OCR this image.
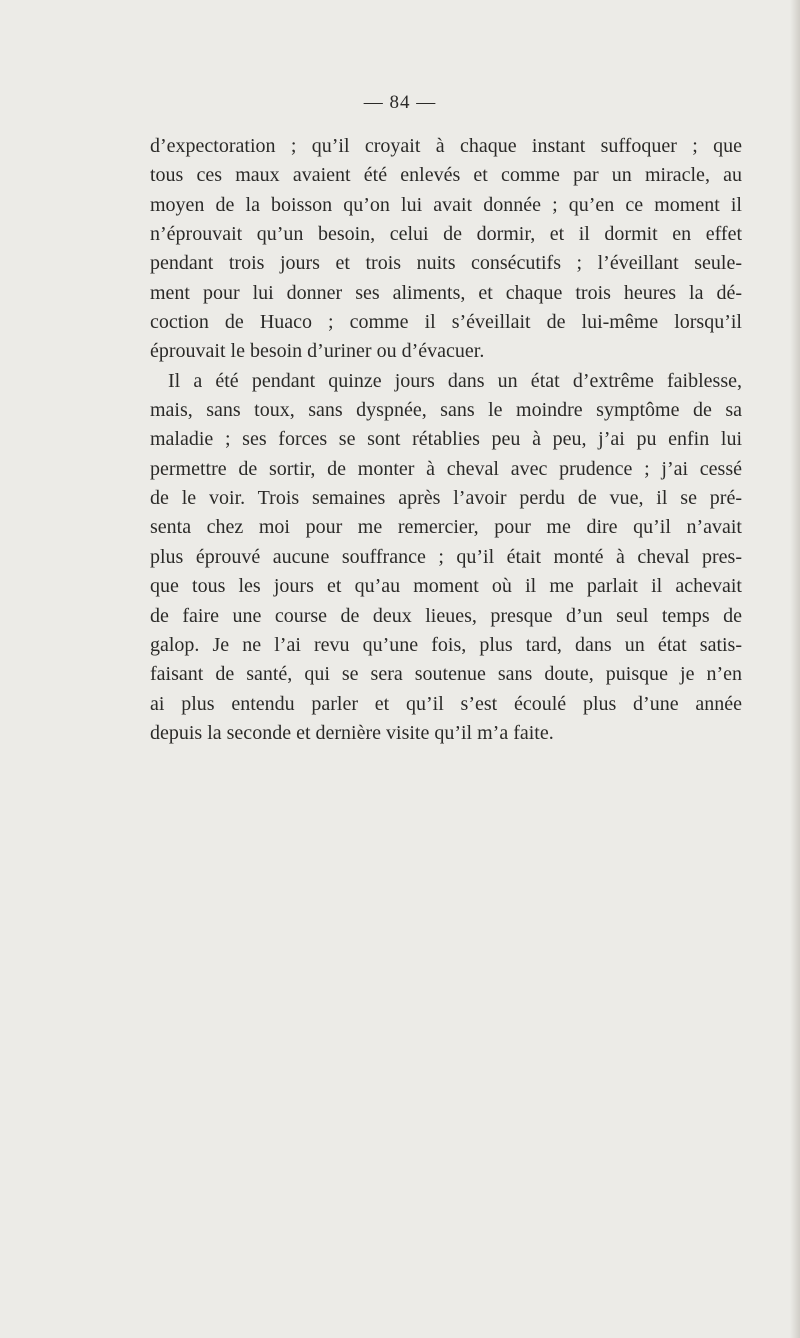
— 84 —
d’expectoration ; qu’il croyait à chaque instant suffoquer ; que
tous ces maux avaient été enlevés et comme par un miracle, au
moyen de la boisson qu’on lui avait donnée ; qu’en ce moment il
n’éprouvait qu’un besoin, celui de dormir, et il dormit en effet
pendant trois jours et trois nuits consécutifs ; l’éveillant seule-
ment pour lui donner ses aliments, et chaque trois heures la dé-
coction de Huaco ; comme il s’éveillait de lui-même lorsqu’il
éprouvait le besoin d’uriner ou d’évacuer.
Il a été pendant quinze jours dans un état d’extrême faiblesse,
mais, sans toux, sans dyspnée, sans le moindre symptôme de sa
maladie ; ses forces se sont rétablies peu à peu, j’ai pu enfin lui
permettre de sortir, de monter à cheval avec prudence ; j’ai cessé
de le voir. Trois semaines après l’avoir perdu de vue, il se pré-
senta chez moi pour me remercier, pour me dire qu’il n’avait
plus éprouvé aucune souffrance ; qu’il était monté à cheval pres-
que tous les jours et qu’au moment où il me parlait il achevait
de faire une course de deux lieues, presque d’un seul temps de
galop. Je ne l’ai revu qu’une fois, plus tard, dans un état satis-
faisant de santé, qui se sera soutenue sans doute, puisque je n’en
ai plus entendu parler et qu’il s’est écoulé plus d’une année
depuis la seconde et dernière visite qu’il m’a faite.
